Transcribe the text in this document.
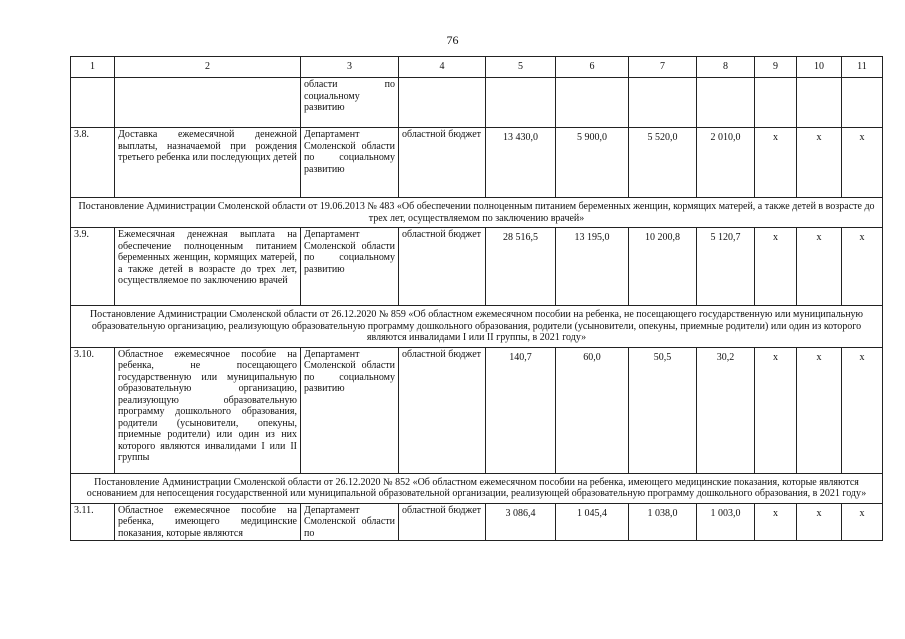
76
1	2	3	4	5	6	7	8	9	10	11
		области по социальному развитию								
3.8.	Доставка ежемесячной денежной выплаты, назначаемой при рождения третьего ребенка или последующих детей	Департамент Смоленской области по социальному развитию	областной бюджет	13 430,0	5 900,0	5 520,0	2 010,0	x	x	x
Постановление Администрации Смоленской области от 19.06.2013 № 483 «Об обеспечении полноценным питанием беременных женщин, кормящих матерей, а также детей в возрасте до трех лет, осуществляемом по заключению врачей»										
3.9.	Ежемесячная денежная выплата на обеспечение полноценным питанием беременных женщин, кормящих матерей, а также детей в возрасте до трех лет, осуществляемое по заключению врачей	Департамент Смоленской области по социальному развитию	областной бюджет	28 516,5	13 195,0	10 200,8	5 120,7	x	x	x
Постановление Администрации Смоленской области от 26.12.2020 № 859 «Об областном ежемесячном пособии на ребенка, не посещающего государственную или муниципальную образовательную организацию, реализующую образовательную программу дошкольного образования, родители (усыновители, опекуны, приемные родители) или один из которого являются инвалидами I или II группы, в 2021 году»										
3.10.	Областное ежемесячное пособие на ребенка, не посещающего государственную или муниципальную образовательную организацию, реализующую образовательную программу дошкольного образования, родители (усыновители, опекуны, приемные родители) или один из них которого являются инвалидами I или II группы	Департамент Смоленской области по социальному развитию	областной бюджет	140,7	60,0	50,5	30,2	x	x	x
Постановление Администрации Смоленской области от 26.12.2020 № 852 «Об областном ежемесячном пособии на ребенка, имеющего медицинские показания, которые являются основанием для непосещения государственной или муниципальной образовательной организации, реализующей образовательную программу дошкольного образования, в 2021 году»										
3.11.	Областное ежемесячное пособие на ребенка, имеющего медицинские показания, которые являются	Департамент Смоленской области по	областной бюджет	3 086,4	1 045,4	1 038,0	1 003,0	x	x	x
